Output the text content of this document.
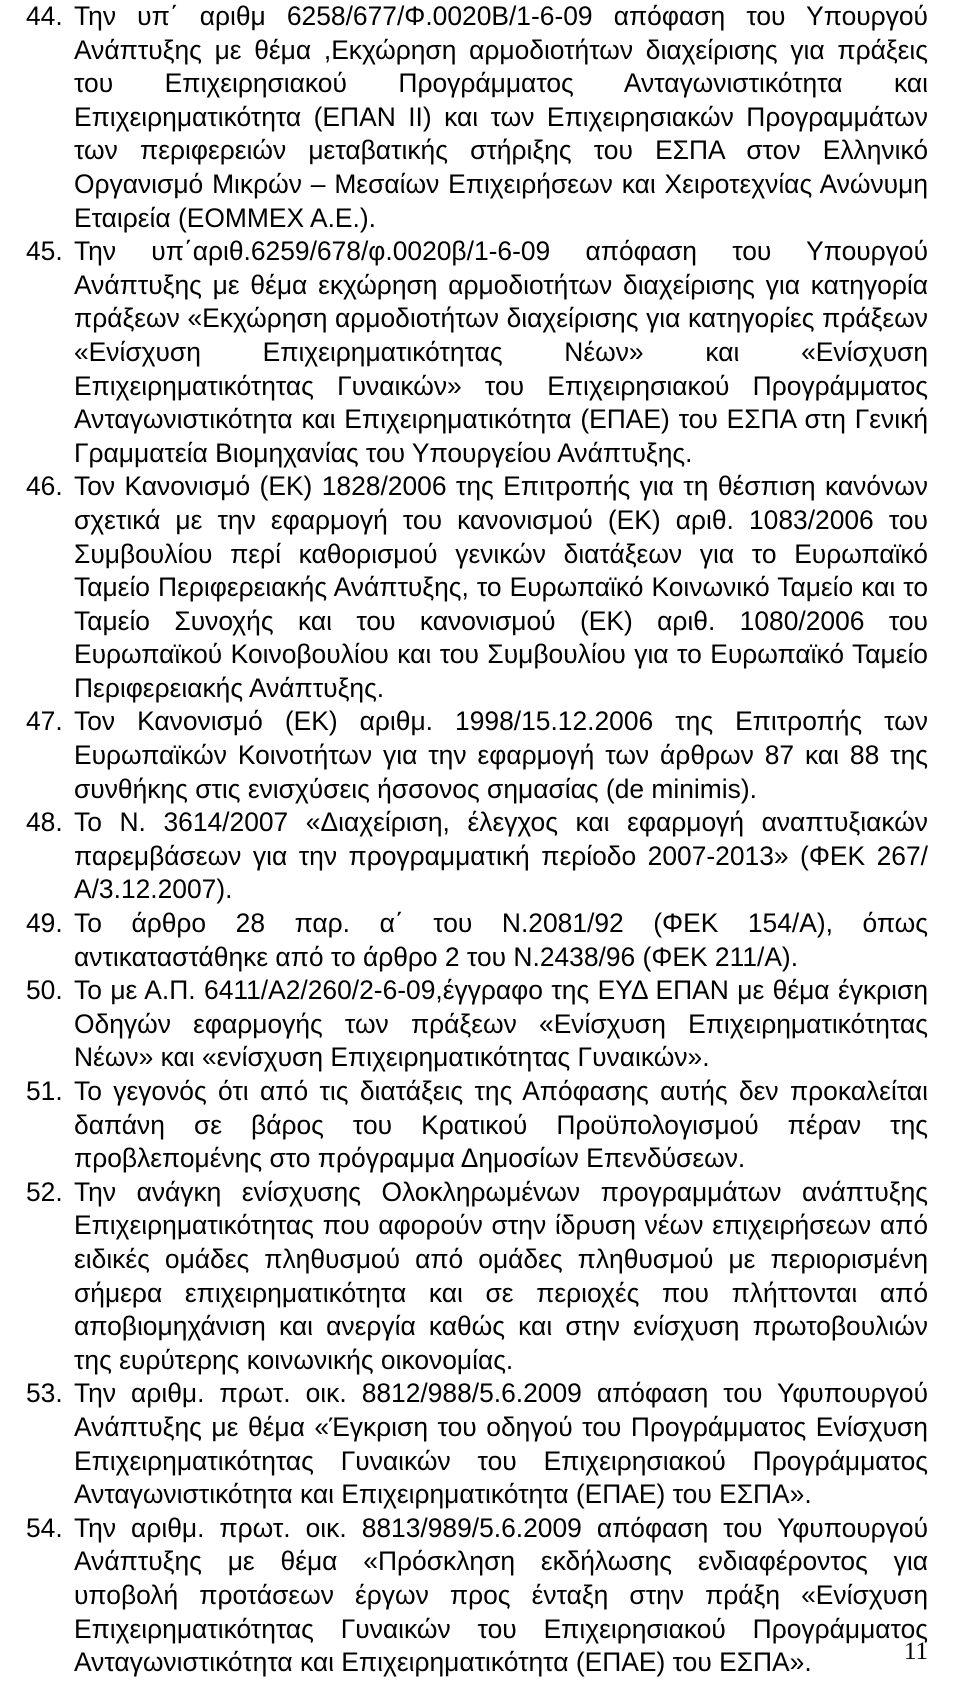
44. Την υπ΄ αριθμ 6258/677/Φ.0020Β/1-6-09 απόφαση του Υπουργού Ανάπτυξης με θέμα ,Εκχώρηση αρμοδιοτήτων διαχείρισης για πράξεις του Επιχειρησιακού Προγράμματος Ανταγωνιστικότητα και Επιχειρηματικότητα (ΕΠΑΝ ΙΙ) και των Επιχειρησιακών Προγραμμάτων των περιφερειών μεταβατικής στήριξης του ΕΣΠΑ στον Ελληνικό Οργανισμό Μικρών – Μεσαίων Επιχειρήσεων και Χειροτεχνίας Ανώνυμη Εταιρεία (ΕΟΜΜΕΧ Α.Ε.).
45. Την υπ΄αριθ.6259/678/φ.0020β/1-6-09 απόφαση του Υπουργού Ανάπτυξης με θέμα εκχώρηση αρμοδιοτήτων διαχείρισης για κατηγορία πράξεων «Εκχώρηση αρμοδιοτήτων διαχείρισης για κατηγορίες πράξεων «Ενίσχυση Επιχειρηματικότητας Νέων» και «Ενίσχυση Επιχειρηματικότητας Γυναικών» του Επιχειρησιακού Προγράμματος Ανταγωνιστικότητα και Επιχειρηματικότητα (ΕΠΑΕ) του ΕΣΠΑ στη Γενική Γραμματεία Βιομηχανίας του Υπουργείου Ανάπτυξης.
46. Τον Κανονισμό (ΕΚ) 1828/2006 της Επιτροπής για τη θέσπιση κανόνων σχετικά με την εφαρμογή του κανονισμού (ΕΚ) αριθ. 1083/2006 του Συμβουλίου περί καθορισμού γενικών διατάξεων για το Ευρωπαϊκό Ταμείο Περιφερειακής Ανάπτυξης, το Ευρωπαϊκό Κοινωνικό Ταμείο και το Ταμείο Συνοχής και του κανονισμού (ΕΚ) αριθ. 1080/2006 του Ευρωπαϊκού Κοινοβουλίου και του Συμβουλίου για το Ευρωπαϊκό Ταμείο Περιφερειακής Ανάπτυξης.
47. Τον Κανονισμό (ΕΚ) αριθμ. 1998/15.12.2006 της Επιτροπής των Ευρωπαϊκών Κοινοτήτων για την εφαρμογή των άρθρων 87 και 88 της συνθήκης στις ενισχύσεις ήσσονος σημασίας (de minimis).
48. Το Ν. 3614/2007 «Διαχείριση, έλεγχος και εφαρμογή αναπτυξιακών παρεμβάσεων για την προγραμματική περίοδο 2007-2013» (ΦΕΚ 267/Α/3.12.2007).
49. Το άρθρο 28 παρ. α΄ του Ν.2081/92 (ΦΕΚ 154/Α), όπως αντικαταστάθηκε από το άρθρο 2 του Ν.2438/96 (ΦΕΚ 211/Α).
50. Το με Α.Π. 6411/Α2/260/2-6-09,έγγραφο της ΕΥΔ ΕΠΑΝ με θέμα έγκριση Οδηγών εφαρμογής των πράξεων «Ενίσχυση Επιχειρηματικότητας Νέων» και «ενίσχυση Επιχειρηματικότητας Γυναικών».
51. Το γεγονός ότι από τις διατάξεις της Απόφασης αυτής δεν προκαλείται δαπάνη σε βάρος του Κρατικού Προϋπολογισμού πέραν της προβλεπομένης στο πρόγραμμα Δημοσίων Επενδύσεων.
52. Την ανάγκη ενίσχυσης Ολοκληρωμένων προγραμμάτων ανάπτυξης Επιχειρηματικότητας που αφορούν στην ίδρυση νέων επιχειρήσεων από ειδικές ομάδες πληθυσμού από ομάδες πληθυσμού με περιορισμένη σήμερα επιχειρηματικότητα και σε περιοχές που πλήττονται από αποβιομηχάνιση και ανεργία καθώς και στην ενίσχυση πρωτοβουλιών της ευρύτερης κοινωνικής οικονομίας.
53. Την αριθμ. πρωτ. οικ. 8812/988/5.6.2009 απόφαση του Υφυπουργού Ανάπτυξης με θέμα «Έγκριση του οδηγού του Προγράμματος Ενίσχυση Επιχειρηματικότητας Γυναικών του Επιχειρησιακού Προγράμματος Ανταγωνιστικότητα και Επιχειρηματικότητα (ΕΠΑΕ) του ΕΣΠΑ».
54. Την αριθμ. πρωτ. οικ. 8813/989/5.6.2009 απόφαση του Υφυπουργού Ανάπτυξης με θέμα «Πρόσκληση εκδήλωσης ενδιαφέροντος για υποβολή προτάσεων έργων προς ένταξη στην πράξη «Ενίσχυση Επιχειρηματικότητας Γυναικών του Επιχειρησιακού Προγράμματος Ανταγωνιστικότητα και Επιχειρηματικότητα (ΕΠΑΕ) του ΕΣΠΑ».	11
